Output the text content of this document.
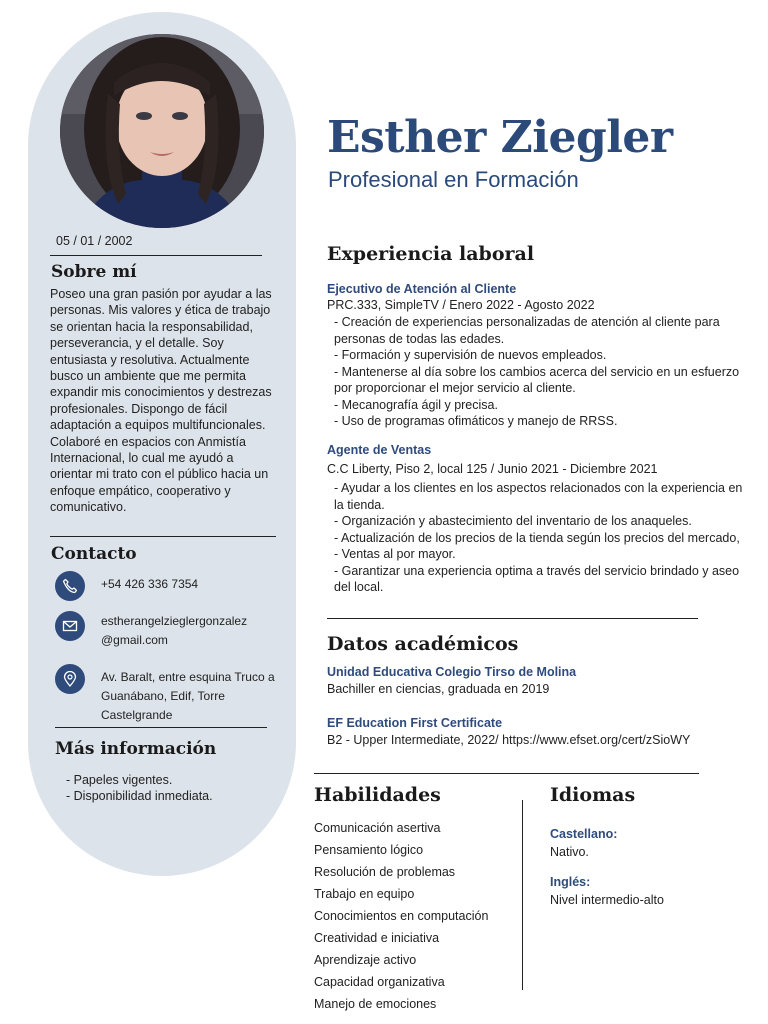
05 / 01 / 2002
Sobre mí
Poseo una gran pasión por ayudar a las personas. Mis valores y ética de trabajo se orientan hacia la responsabilidad, perseverancia, y el detalle. Soy entusiasta y resolutiva. Actualmente busco un ambiente que me permita expandir mis conocimientos y destrezas profesionales. Dispongo de fácil adaptación a equipos multifuncionales. Colaboré en espacios con Anmistía Internacional, lo cual me ayudó a orientar mi trato con el público hacia un enfoque empático, cooperativo y comunicativo.
Contacto
+54 426 336 7354
estherangelzieglergonzalez
@gmail.com
Av. Baralt, entre esquina Truco a
Guanábano, Edif, Torre
Castelgrande
Más información
- Papeles vigentes.
- Disponibilidad inmediata.
Esther Ziegler
Profesional en Formación
Experiencia laboral
Ejecutivo de Atención al Cliente
PRC.333, SimpleTV / Enero 2022 - Agosto 2022
- Creación de experiencias personalizadas de atención al cliente para personas de todas las edades.
- Formación y supervisión de nuevos empleados.
- Mantenerse al día sobre los cambios acerca del servicio en un esfuerzo por proporcionar el mejor servicio al cliente.
- Mecanografía ágil y precisa.
- Uso de programas ofimáticos y manejo de RRSS.
Agente de Ventas
C.C Liberty, Piso 2, local 125 / Junio 2021 - Diciembre 2021
- Ayudar a los clientes en los aspectos relacionados con la experiencia en la tienda.
- Organización y abastecimiento del inventario de los anaqueles.
- Actualización de los precios de la tienda según los precios del mercado,
- Ventas al por mayor.
- Garantizar una experiencia optima a través del servicio brindado y aseo del local.
Datos académicos
Unidad Educativa Colegio Tirso de Molina
Bachiller en ciencias, graduada en 2019
EF Education First Certificate
B2 - Upper Intermediate, 2022/ https://www.efset.org/cert/zSioWY
Habilidades
Comunicación asertiva
Pensamiento lógico
Resolución de problemas
Trabajo en equipo
Conocimientos en computación
Creatividad e iniciativa
Aprendizaje activo
Capacidad organizativa
Manejo de emociones
Idiomas
Castellano:
Nativo.
Inglés:
Nivel intermedio-alto
